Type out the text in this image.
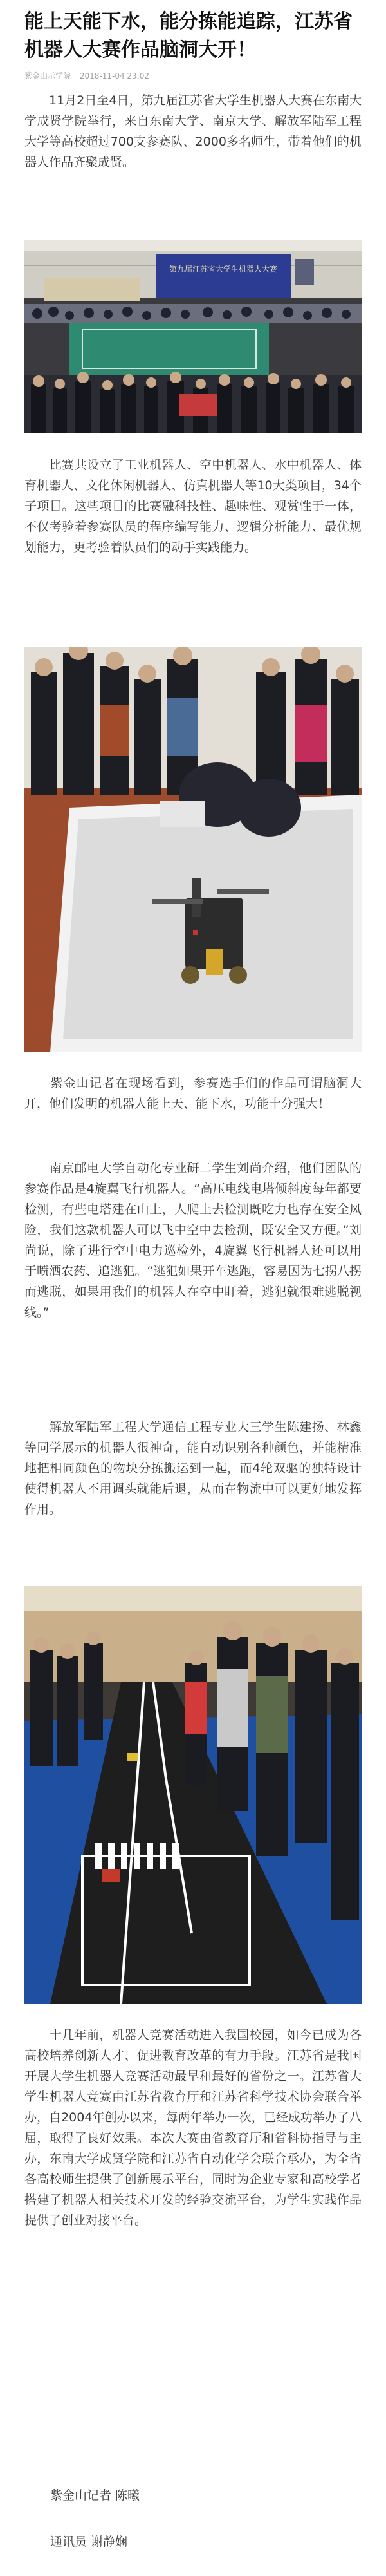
能上天能下水，能分拣能追踪，江苏省机器人大赛作品脑洞大开！
紫金山示学院 2018-11-04 23:02

　　11月2日至4日，第九届江苏省大学生机器人大赛在东南大学成贤学院举行，来自东南大学、南京大学、解放军陆军工程大学等高校超过700支参赛队、2000多名师生，带着他们的机器人作品齐聚成贤。

第九届江苏省大学生机器人大赛

　　比赛共设立了工业机器人、空中机器人、水中机器人、体育机器人、文化休闲机器人、仿真机器人等10大类项目，34个子项目。这些项目的比赛融科技性、趣味性、观赏性于一体，不仅考验着参赛队员的程序编写能力、逻辑分析能力、最优规划能力，更考验着队员们的动手实践能力。

　　紫金山记者在现场看到，参赛选手们的作品可谓脑洞大开，他们发明的机器人能上天、能下水，功能十分强大！

　　南京邮电大学自动化专业研二学生刘尚介绍，他们团队的参赛作品是4旋翼飞行机器人。“高压电线电塔倾斜度每年都要检测，有些电塔建在山上，人爬上去检测既吃力也存在安全风险，我们这款机器人可以飞中空中去检测，既安全又方便。”刘尚说，除了进行空中电力巡检外，4旋翼飞行机器人还可以用于喷洒农药、追逃犯。“逃犯如果开车逃跑，容易因为七拐八拐而逃脱，如果用我们的机器人在空中盯着，逃犯就很难逃脱视线。”

　　解放军陆军工程大学通信工程专业大三学生陈建扬、林鑫等同学展示的机器人很神奇，能自动识别各种颜色，并能精准地把相同颜色的物块分拣搬运到一起，而4轮双驱的独特设计使得机器人不用调头就能后退，从而在物流中可以更好地发挥作用。

　　十几年前，机器人竞赛活动进入我国校园，如今已成为各高校培养创新人才、促进教育改革的有力手段。江苏省是我国开展大学生机器人竞赛活动最早和最好的省份之一。江苏省大学生机器人竞赛由江苏省教育厅和江苏省科学技术协会联合举办，自2004年创办以来，每两年举办一次，已经成功举办了八届，取得了良好效果。本次大赛由省教育厅和省科协指导与主办，东南大学成贤学院和江苏省自动化学会联合承办，为全省各高校师生提供了创新展示平台，同时为企业专家和高校学者搭建了机器人相关技术开发的经验交流平台，为学生实践作品提供了创业对接平台。

紫金山记者 陈曦
通讯员 谢静娴
